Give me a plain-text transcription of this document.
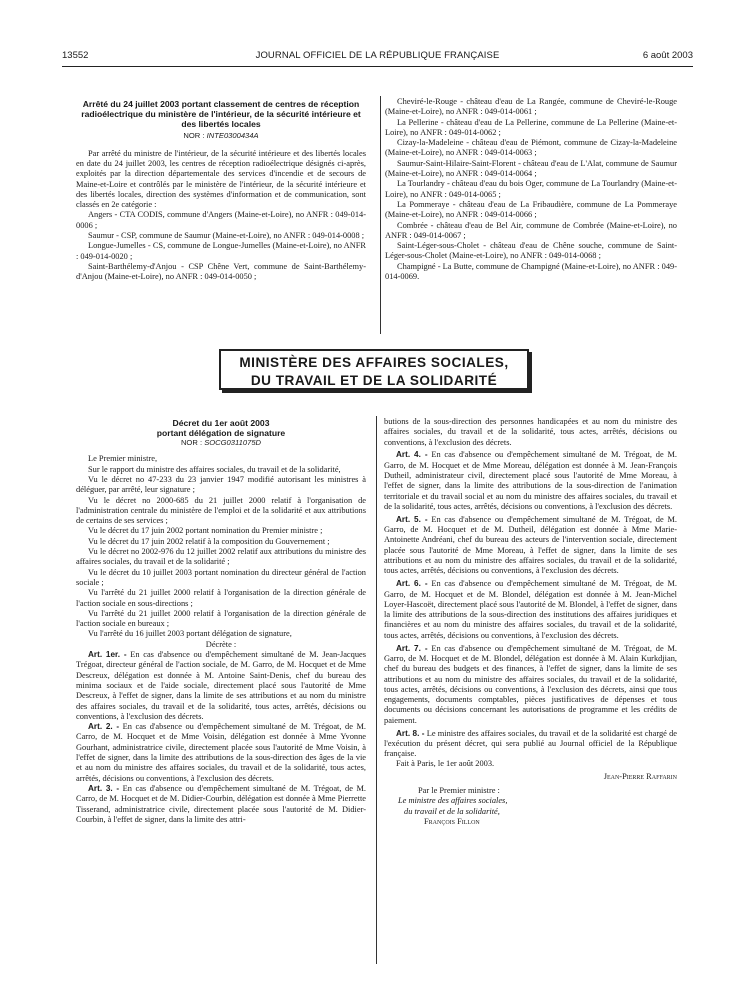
13552	JOURNAL OFFICIEL DE LA RÉPUBLIQUE FRANÇAISE	6 août 2003
Arrêté du 24 juillet 2003 portant classement de centres de réception radioélectrique du ministère de l'intérieur, de la sécurité intérieure et des libertés locales
NOR : INTE0300434A

Par arrêté du ministre de l'intérieur, de la sécurité intérieure et des libertés locales en date du 24 juillet 2003, les centres de réception radioélectrique désignés ci-après, exploités par la direction départementale des services d'incendie et de secours de Maine-et-Loire et contrôlés par le ministère de l'intérieur, de la sécurité intérieure et des libertés locales, direction des systèmes d'information et de communication, sont classés en 2e catégorie :

Angers - CTA CODIS, commune d'Angers (Maine-et-Loire), no ANFR : 049-014-0006 ;

Saumur - CSP, commune de Saumur (Maine-et-Loire), no ANFR : 049-014-0008 ;

Longue-Jumelles - CS, commune de Longue-Jumelles (Maine-et-Loire), no ANFR : 049-014-0020 ;

Saint-Barthélemy-d'Anjou - CSP Chêne Vert, commune de Saint-Barthélemy-d'Anjou (Maine-et-Loire), no ANFR : 049-014-0050 ;

Cheviré-le-Rouge - château d'eau de La Rangée, commune de Cheviré-le-Rouge (Maine-et-Loire), no ANFR : 049-014-0061 ;

La Pellerine - château d'eau de La Pellerine, commune de La Pellerine (Maine-et-Loire), no ANFR : 049-014-0062 ;

Cizay-la-Madeleine - château d'eau de Piémont, commune de Cizay-la-Madeleine (Maine-et-Loire), no ANFR : 049-014-0063 ;

Saumur-Saint-Hilaire-Saint-Florent - château d'eau de L'Alat, commune de Saumur (Maine-et-Loire), no ANFR : 049-014-0064 ;

La Tourlandry - château d'eau du bois Oger, commune de La Tourlandry (Maine-et-Loire), no ANFR : 049-014-0065 ;

La Pommeraye - château d'eau de La Fribaudière, commune de La Pommeraye (Maine-et-Loire), no ANFR : 049-014-0066 ;

Combrée - château d'eau de Bel Air, commune de Combrée (Maine-et-Loire), no ANFR : 049-014-0067 ;

Saint-Léger-sous-Cholet - château d'eau de Chêne souche, commune de Saint-Léger-sous-Cholet (Maine-et-Loire), no ANFR : 049-014-0068 ;

Champigné - La Butte, commune de Champigné (Maine-et-Loire), no ANFR : 049-014-0069.

MINISTÈRE DES AFFAIRES SOCIALES,
DU TRAVAIL ET DE LA SOLIDARITÉ
Décret du 1er août 2003
portant délégation de signature
NOR : SOCG0311075D

Le Premier ministre,

Sur le rapport du ministre des affaires sociales, du travail et de la solidarité,

Vu le décret no 47-233 du 23 janvier 1947 modifié autorisant les ministres à déléguer, par arrêté, leur signature ;

Vu le décret no 2000-685 du 21 juillet 2000 relatif à l'organisation de l'administration centrale du ministère de l'emploi et de la solidarité et aux attributions de certains de ses services ;

Vu le décret du 17 juin 2002 portant nomination du Premier ministre ;

Vu le décret du 17 juin 2002 relatif à la composition du Gouvernement ;

Vu le décret no 2002-976 du 12 juillet 2002 relatif aux attributions du ministre des affaires sociales, du travail et de la solidarité ;

Vu le décret du 10 juillet 2003 portant nomination du directeur général de l'action sociale ;

Vu l'arrêté du 21 juillet 2000 relatif à l'organisation de la direction générale de l'action sociale en sous-directions ;

Vu l'arrêté du 21 juillet 2000 relatif à l'organisation de la direction générale de l'action sociale en bureaux ;

Vu l'arrêté du 16 juillet 2003 portant délégation de signature,

Décrète :

Art. 1er. - En cas d'absence ou d'empêchement simultané de M. Jean-Jacques Trégoat, directeur général de l'action sociale, de M. Garro, de M. Hocquet et de Mme Descreux, délégation est donnée à M. Antoine Saint-Denis, chef du bureau des minima sociaux et de l'aide sociale, directement placé sous l'autorité de Mme Descreux, à l'effet de signer, dans la limite de ses attributions et au nom du ministre des affaires sociales, du travail et de la solidarité, tous actes, arrêtés, décisions ou conventions, à l'exclusion des décrets.

Art. 2. - En cas d'absence ou d'empêchement simultané de M. Trégoat, de M. Carro, de M. Hocquet et de Mme Voisin, délégation est donnée à Mme Yvonne Gourhant, administratrice civile, directement placée sous l'autorité de Mme Voisin, à l'effet de signer, dans la limite des attributions de la sous-direction des âges de la vie et au nom du ministre des affaires sociales, du travail et de la solidarité, tous actes, arrêtés, décisions ou conventions, à l'exclusion des décrets.

Art. 3. - En cas d'absence ou d'empêchement simultané de M. Trégoat, de M. Carro, de M. Hocquet et de M. Didier-Courbin, délégation est donnée à Mme Pierrette Tisserand, administratrice civile, directement placée sous l'autorité de M. Didier-Courbin, à l'effet de signer, dans la limite des attri-

butions de la sous-direction des personnes handicapées et au nom du ministre des affaires sociales, du travail et de la solidarité, tous actes, arrêtés, décisions ou conventions, à l'exclusion des décrets.

Art. 4. - En cas d'absence ou d'empêchement simultané de M. Trégoat, de M. Garro, de M. Hocquet et de Mme Moreau, délégation est donnée à M. Jean-François Dutheil, administrateur civil, directement placé sous l'autorité de Mme Moreau, à l'effet de signer, dans la limite des attributions de la sous-direction de l'animation territoriale et du travail social et au nom du ministre des affaires sociales, du travail et de la solidarité, tous actes, arrêtés, décisions ou conventions, à l'exclusion des décrets.

Art. 5. - En cas d'absence ou d'empêchement simultané de M. Trégoat, de M. Garro, de M. Hocquet et de M. Dutheil, délégation est donnée à Mme Marie-Antoinette Andréani, chef du bureau des acteurs de l'intervention sociale, directement placée sous l'autorité de Mme Moreau, à l'effet de signer, dans la limite de ses attributions et au nom du ministre des affaires sociales, du travail et de la solidarité, tous actes, arrêtés, décisions ou conventions, à l'exclusion des décrets.

Art. 6. - En cas d'absence ou d'empêchement simultané de M. Trégoat, de M. Garro, de M. Hocquet et de M. Blondel, délégation est donnée à M. Jean-Michel Loyer-Hascoët, directement placé sous l'autorité de M. Blondel, à l'effet de signer, dans la limite des attributions de la sous-direction des institutions des affaires juridiques et financières et au nom du ministre des affaires sociales, du travail et de la solidarité, tous actes, arrêtés, décisions ou conventions, à l'exclusion des décrets.

Art. 7. - En cas d'absence ou d'empêchement simultané de M. Trégoat, de M. Garro, de M. Hocquet et de M. Blondel, délégation est donnée à M. Alain Kurkdjian, chef du bureau des budgets et des finances, à l'effet de signer, dans la limite de ses attributions et au nom du ministre des affaires sociales, du travail et de la solidarité, tous actes, arrêtés, décisions ou conventions, à l'exclusion des décrets, ainsi que tous engagements, documents comptables, pièces justificatives de dépenses et tous documents ou décisions concernant les autorisations de programme et les crédits de paiement.

Art. 8. - Le ministre des affaires sociales, du travail et de la solidarité est chargé de l'exécution du présent décret, qui sera publié au Journal officiel de la République française.

Fait à Paris, le 1er août 2003.

Jean-Pierre Raffarin

Par le Premier ministre :

Le ministre des affaires sociales,

du travail et de la solidarité,

François Fillon
